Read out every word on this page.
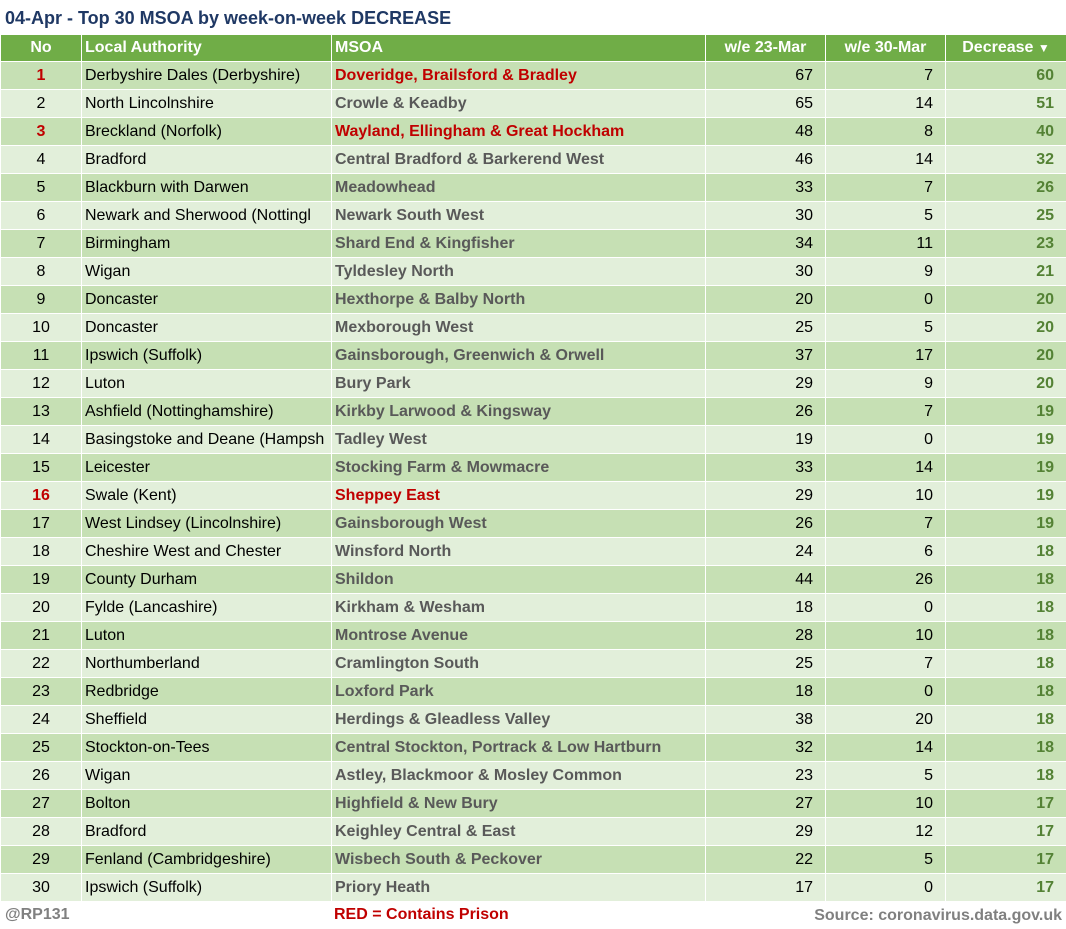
04-Apr - Top 30 MSOA by week-on-week DECREASE
No	Local Authority	MSOA	w/e 23-Mar	w/e 30-Mar	Decrease ▼
1	Derbyshire Dales (Derbyshire)	Doveridge, Brailsford & Bradley	67	7	60
2	North Lincolnshire	Crowle & Keadby	65	14	51
3	Breckland (Norfolk)	Wayland, Ellingham & Great Hockham	48	8	40
4	Bradford	Central Bradford & Barkerend West	46	14	32
5	Blackburn with Darwen	Meadowhead	33	7	26
6	Newark and Sherwood (Nottingl	Newark South West	30	5	25
7	Birmingham	Shard End & Kingfisher	34	11	23
8	Wigan	Tyldesley North	30	9	21
9	Doncaster	Hexthorpe & Balby North	20	0	20
10	Doncaster	Mexborough West	25	5	20
11	Ipswich (Suffolk)	Gainsborough, Greenwich & Orwell	37	17	20
12	Luton	Bury Park	29	9	20
13	Ashfield (Nottinghamshire)	Kirkby Larwood & Kingsway	26	7	19
14	Basingstoke and Deane (Hampsh	Tadley West	19	0	19
15	Leicester	Stocking Farm & Mowmacre	33	14	19
16	Swale (Kent)	Sheppey East	29	10	19
17	West Lindsey (Lincolnshire)	Gainsborough West	26	7	19
18	Cheshire West and Chester	Winsford North	24	6	18
19	County Durham	Shildon	44	26	18
20	Fylde (Lancashire)	Kirkham & Wesham	18	0	18
21	Luton	Montrose Avenue	28	10	18
22	Northumberland	Cramlington South	25	7	18
23	Redbridge	Loxford Park	18	0	18
24	Sheffield	Herdings & Gleadless Valley	38	20	18
25	Stockton-on-Tees	Central Stockton, Portrack & Low Hartburn	32	14	18
26	Wigan	Astley, Blackmoor & Mosley Common	23	5	18
27	Bolton	Highfield & New Bury	27	10	17
28	Bradford	Keighley Central & East	29	12	17
29	Fenland (Cambridgeshire)	Wisbech South & Peckover	22	5	17
30	Ipswich (Suffolk)	Priory Heath	17	0	17
@RP131	RED = Contains Prison	Source: coronavirus.data.gov.uk
